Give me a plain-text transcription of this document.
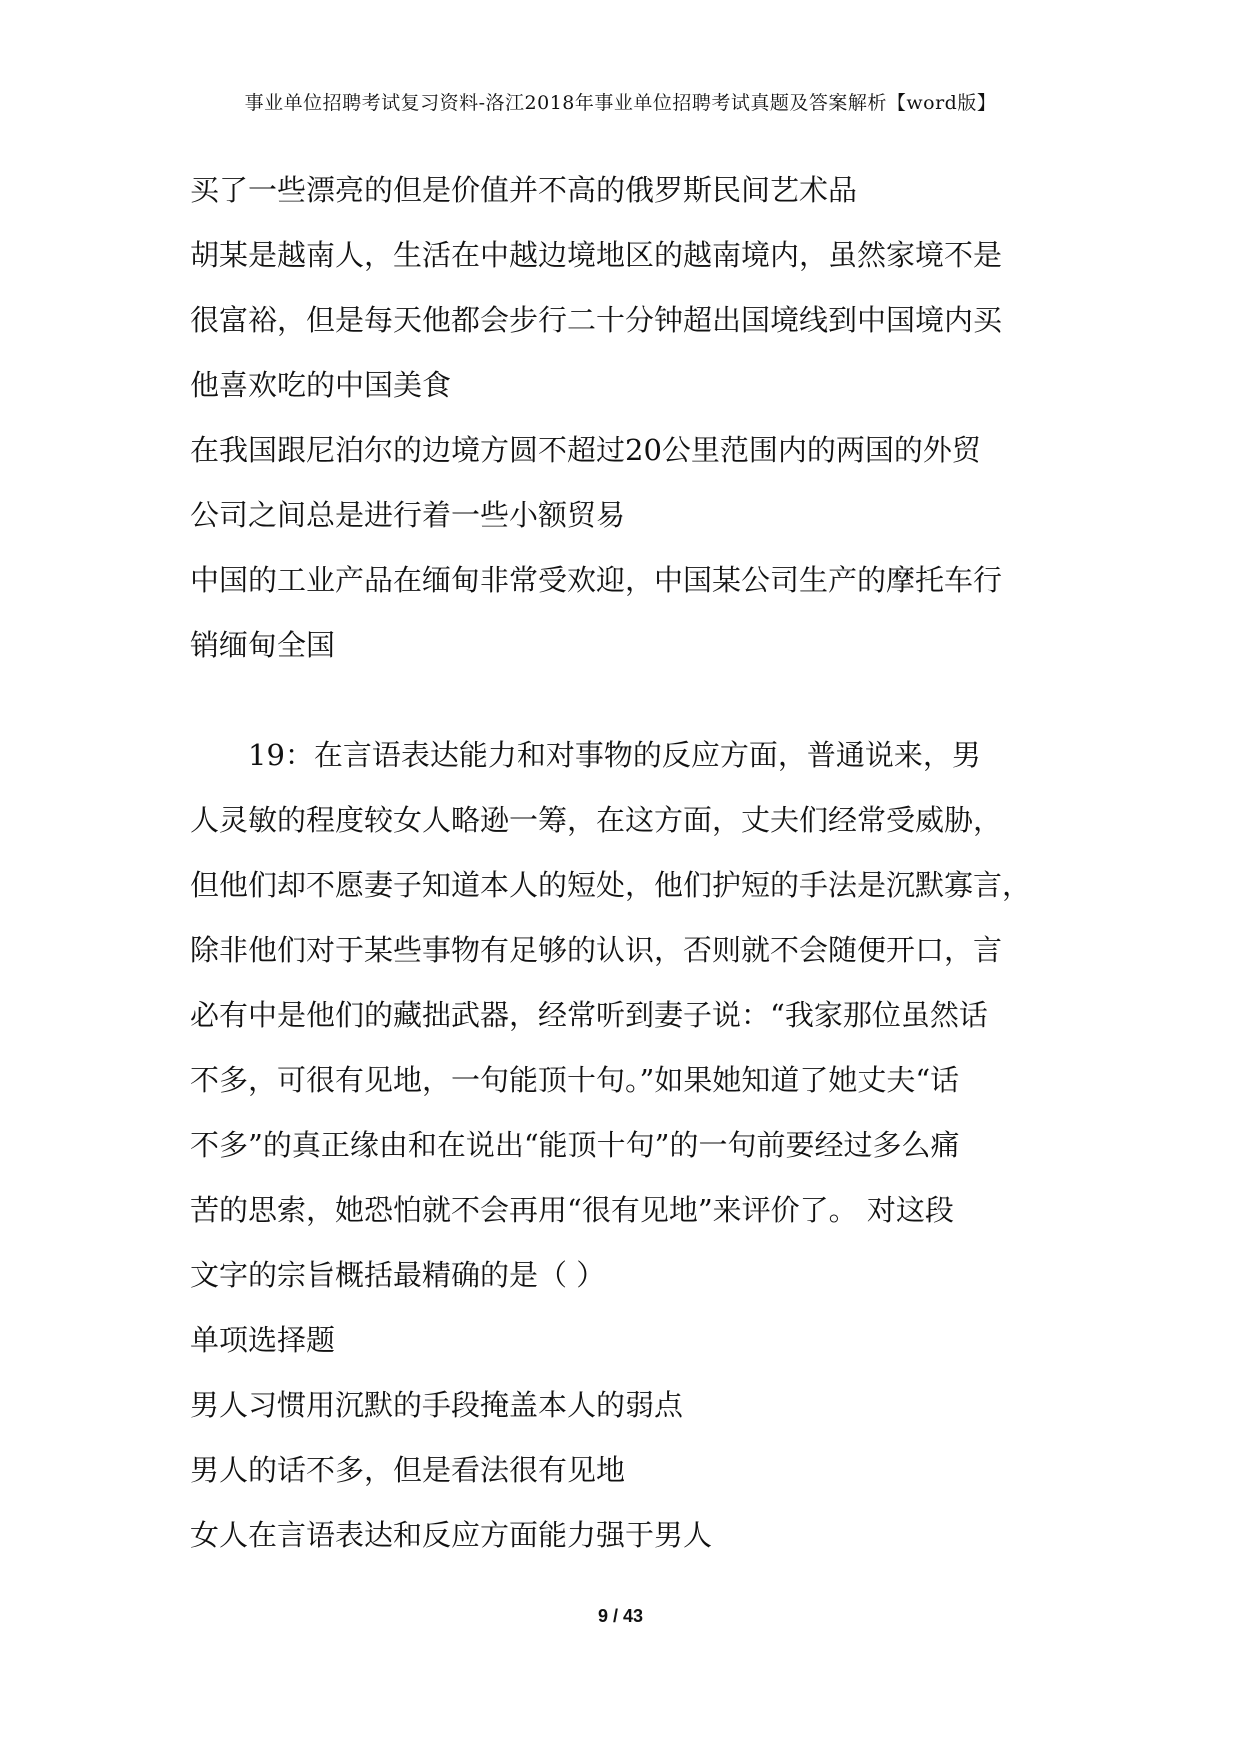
事业单位招聘考试复习资料-洛江2018年事业单位招聘考试真题及答案解析【word版】
买了一些漂亮的但是价值并不高的俄罗斯民间艺术品
胡某是越南人，生活在中越边境地区的越南境内，虽然家境不是
很富裕，但是每天他都会步行二十分钟超出国境线到中国境内买
他喜欢吃的中国美食
在我国跟尼泊尔的边境方圆不超过20公里范围内的两国的外贸
公司之间总是进行着一些小额贸易
中国的工业产品在缅甸非常受欢迎，中国某公司生产的摩托车行
销缅甸全国
19：在言语表达能力和对事物的反应方面，普通说来，男
人灵敏的程度较女人略逊一筹，在这方面，丈夫们经常受威胁，
但他们却不愿妻子知道本人的短处，他们护短的手法是沉默寡言，
除非他们对于某些事物有足够的认识，否则就不会随便开口，言
必有中是他们的藏拙武器，经常听到妻子说：“我家那位虽然话
不多，可很有见地，一句能顶十句。”如果她知道了她丈夫“话
不多”的真正缘由和在说出“能顶十句”的一句前要经过多么痛
苦的思索，她恐怕就不会再用“很有见地”来评价了。 对这段
文字的宗旨概括最精确的是（ ）
单项选择题
男人习惯用沉默的手段掩盖本人的弱点
男人的话不多，但是看法很有见地
女人在言语表达和反应方面能力强于男人
9 / 43
